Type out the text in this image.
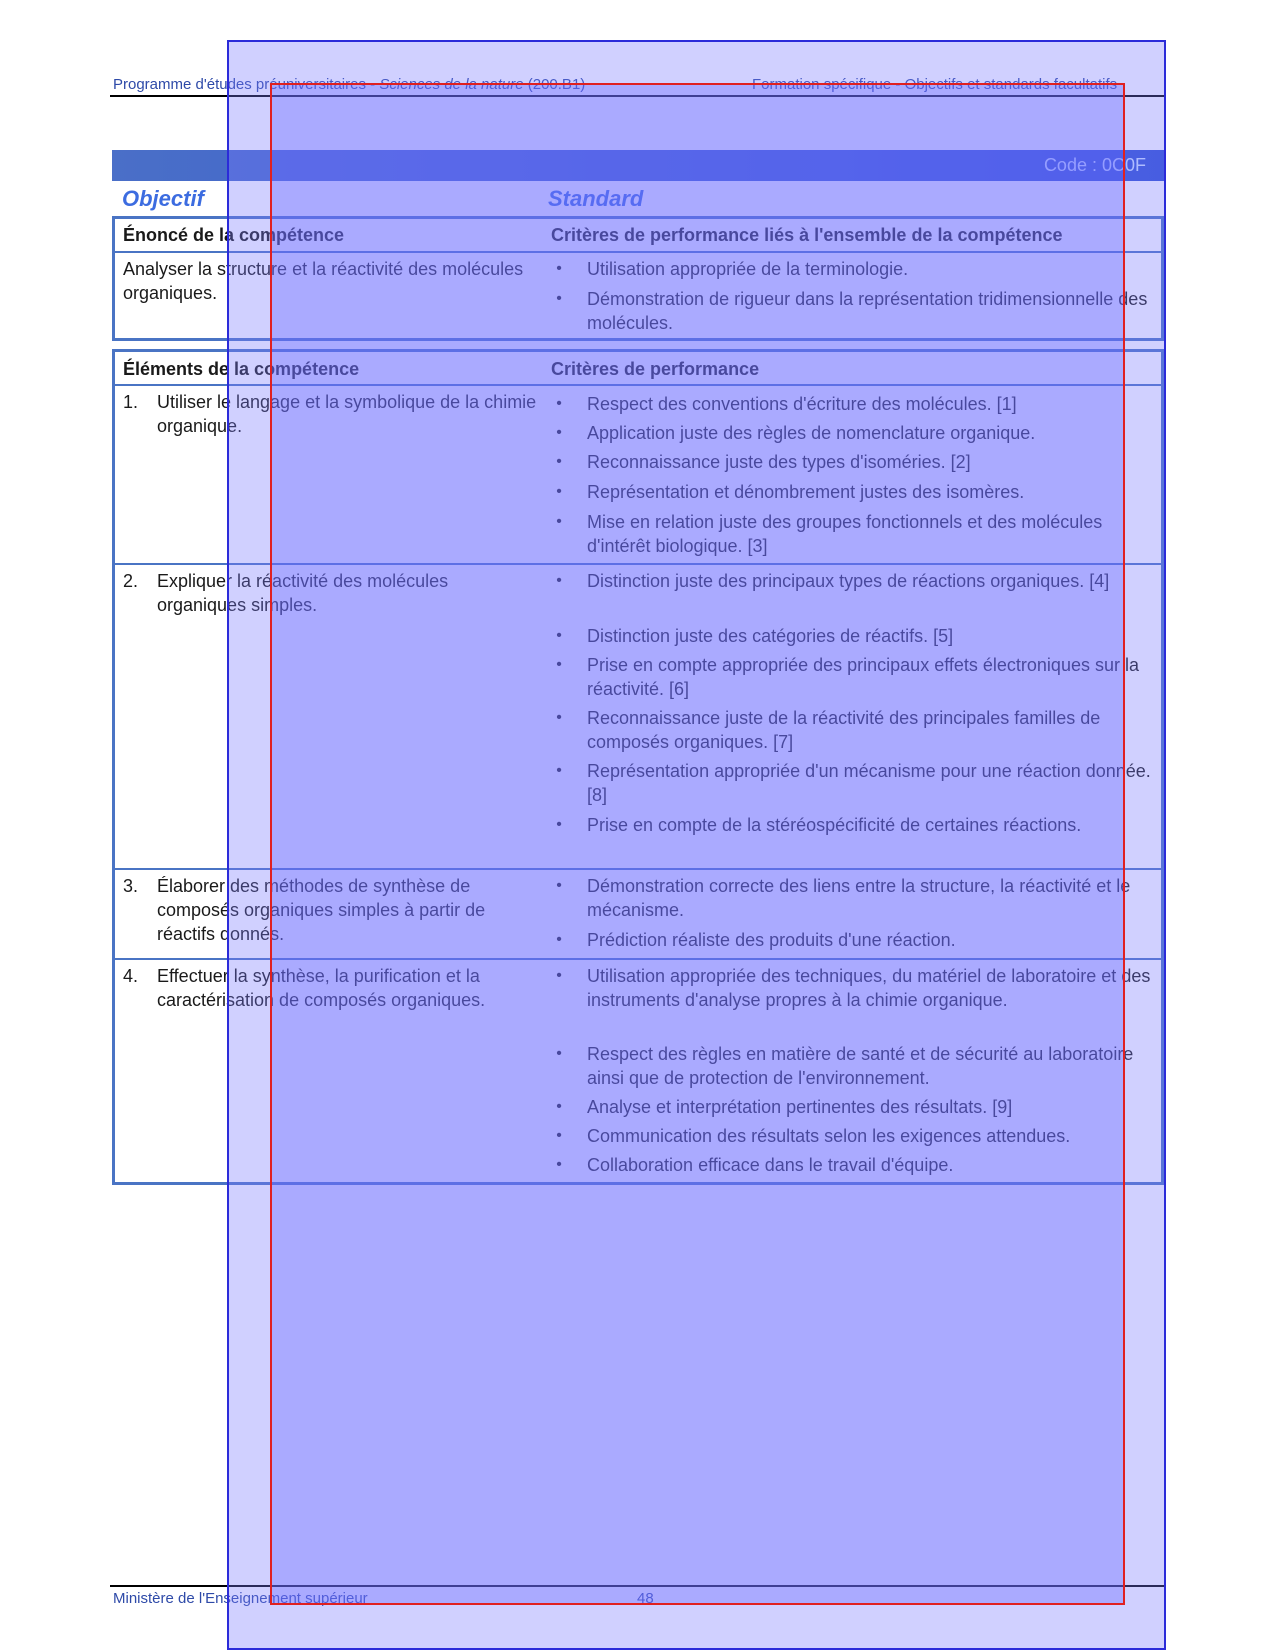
Programme d'études préuniversitaires - Sciences de la nature (200.B1)	Formation spécifique - Objectifs et standards facultatifs
Code : 0C0F
Objectif	Standard
Énoncé de la compétence	Critères de performance liés à l'ensemble de la compétence
Analyser la structure et la réactivité des molécules organiques.
• Utilisation appropriée de la terminologie.
• Démonstration de rigueur dans la représentation tridimensionnelle des molécules.
Éléments de la compétence	Critères de performance
1. Utiliser le langage et la symbolique de la chimie organique.
• Respect des conventions d'écriture des molécules. [1]
• Application juste des règles de nomenclature organique.
• Reconnaissance juste des types d'isoméries. [2]
• Représentation et dénombrement justes des isomères.
• Mise en relation juste des groupes fonctionnels et des molécules d'intérêt biologique. [3]
2. Expliquer la réactivité des molécules organiques simples.
• Distinction juste des principaux types de réactions organiques. [4]
• Distinction juste des catégories de réactifs. [5]
• Prise en compte appropriée des principaux effets électroniques sur la réactivité. [6]
• Reconnaissance juste de la réactivité des principales familles de composés organiques. [7]
• Représentation appropriée d'un mécanisme pour une réaction donnée. [8]
• Prise en compte de la stéréospécificité de certaines réactions.
3. Élaborer des méthodes de synthèse de composés organiques simples à partir de réactifs donnés.
• Démonstration correcte des liens entre la structure, la réactivité et le mécanisme.
• Prédiction réaliste des produits d'une réaction.
4. Effectuer la synthèse, la purification et la caractérisation de composés organiques.
• Utilisation appropriée des techniques, du matériel de laboratoire et des instruments d'analyse propres à la chimie organique.
• Respect des règles en matière de santé et de sécurité au laboratoire ainsi que de protection de l'environnement.
• Analyse et interprétation pertinentes des résultats. [9]
• Communication des résultats selon les exigences attendues.
• Collaboration efficace dans le travail d'équipe.
Ministère de l'Enseignement supérieur	48
